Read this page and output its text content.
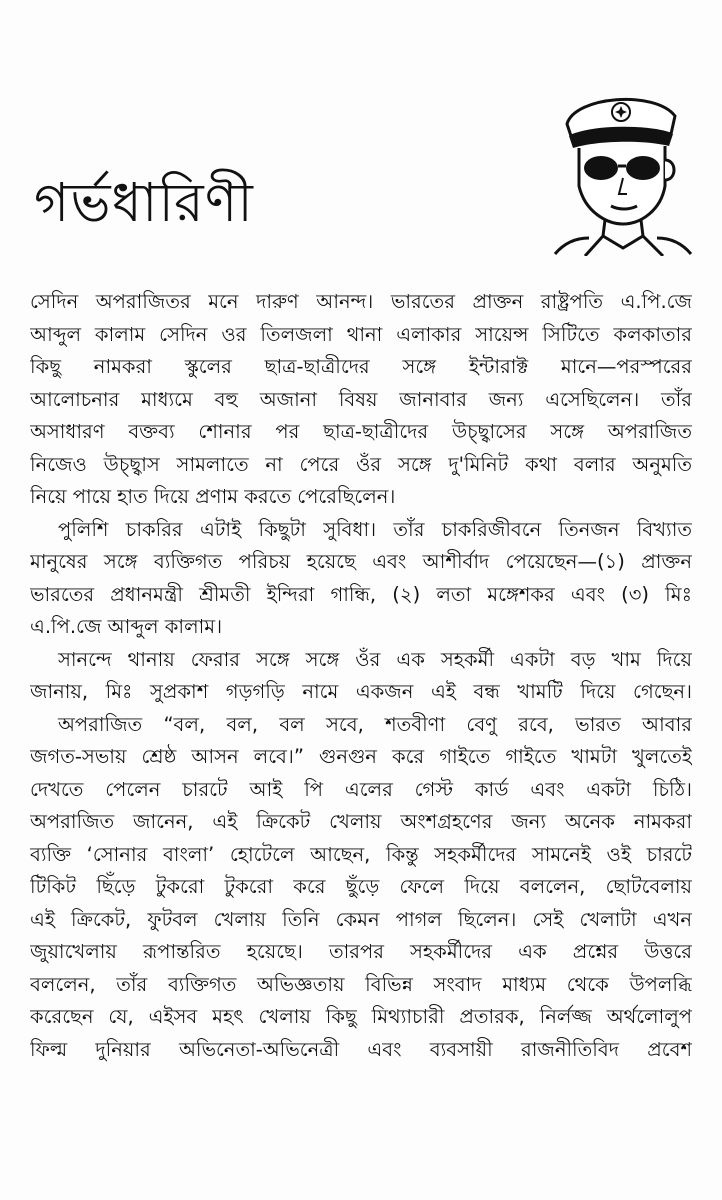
গর্ভধারিণী
সেদিন অপরাজিতর মনে দারুণ আনন্দ। ভারতের প্রাক্তন রাষ্ট্রপতি এ.পি.জে
আব্দুল কালাম সেদিন ওর তিলজলা থানা এলাকার সায়েন্স সিটিতে কলকাতার
কিছু নামকরা স্কুলের ছাত্র-ছাত্রীদের সঙ্গে ইন্টারাক্ট মানে—পরস্পরের
আলোচনার মাধ্যমে বহু অজানা বিষয় জানাবার জন্য এসেছিলেন। তাঁর
অসাধারণ বক্তব্য শোনার পর ছাত্র-ছাত্রীদের উচ্ছ্বাসের সঙ্গে অপরাজিত
নিজেও উচ্ছ্বাস সামলাতে না পেরে ওঁর সঙ্গে দু'মিনিট কথা বলার অনুমতি
নিয়ে পায়ে হাত দিয়ে প্রণাম করতে পেরেছিলেন।
পুলিশি চাকরির এটাই কিছুটা সুবিধা। তাঁর চাকরিজীবনে তিনজন বিখ্যাত
মানুষের সঙ্গে ব্যক্তিগত পরিচয় হয়েছে এবং আশীর্বাদ পেয়েছেন—(১) প্রাক্তন
ভারতের প্রধানমন্ত্রী শ্রীমতী ইন্দিরা গান্ধি, (২) লতা মঙ্গেশকর এবং (৩) মিঃ
এ.পি.জে আব্দুল কালাম।
সানন্দে থানায় ফেরার সঙ্গে সঙ্গে ওঁর এক সহকর্মী একটা বড় খাম দিয়ে
জানায়, মিঃ সুপ্রকাশ গড়গড়ি নামে একজন এই বন্ধ খামটি দিয়ে গেছেন।
অপরাজিত “বল, বল, বল সবে, শতবীণা বেণু রবে, ভারত আবার
জগত-সভায় শ্রেষ্ঠ আসন লবে।” গুনগুন করে গাইতে গাইতে খামটা খুলতেই
দেখতে পেলেন চারটে আই পি এলের গেস্ট কার্ড এবং একটা চিঠি।
অপরাজিত জানেন, এই ক্রিকেট খেলায় অংশগ্রহণের জন্য অনেক নামকরা
ব্যক্তি ‘সোনার বাংলা’ হোটেলে আছেন, কিন্তু সহকর্মীদের সামনেই ওই চারটে
টিকিট ছিঁড়ে টুকরো টুকরো করে ছুঁড়ে ফেলে দিয়ে বললেন, ছোটবেলায়
এই ক্রিকেট, ফুটবল খেলায় তিনি কেমন পাগল ছিলেন। সেই খেলাটা এখন
জুয়াখেলায় রূপান্তরিত হয়েছে। তারপর সহকর্মীদের এক প্রশ্নের উত্তরে
বললেন, তাঁর ব্যক্তিগত অভিজ্ঞতায় বিভিন্ন সংবাদ মাধ্যম থেকে উপলব্ধি
করেছেন যে, এইসব মহৎ খেলায় কিছু মিথ্যাচারী প্রতারক, নির্লজ্জ অর্থলোলুপ
ফিল্ম দুনিয়ার অভিনেতা-অভিনেত্রী এবং ব্যবসায়ী রাজনীতিবিদ প্রবেশ
